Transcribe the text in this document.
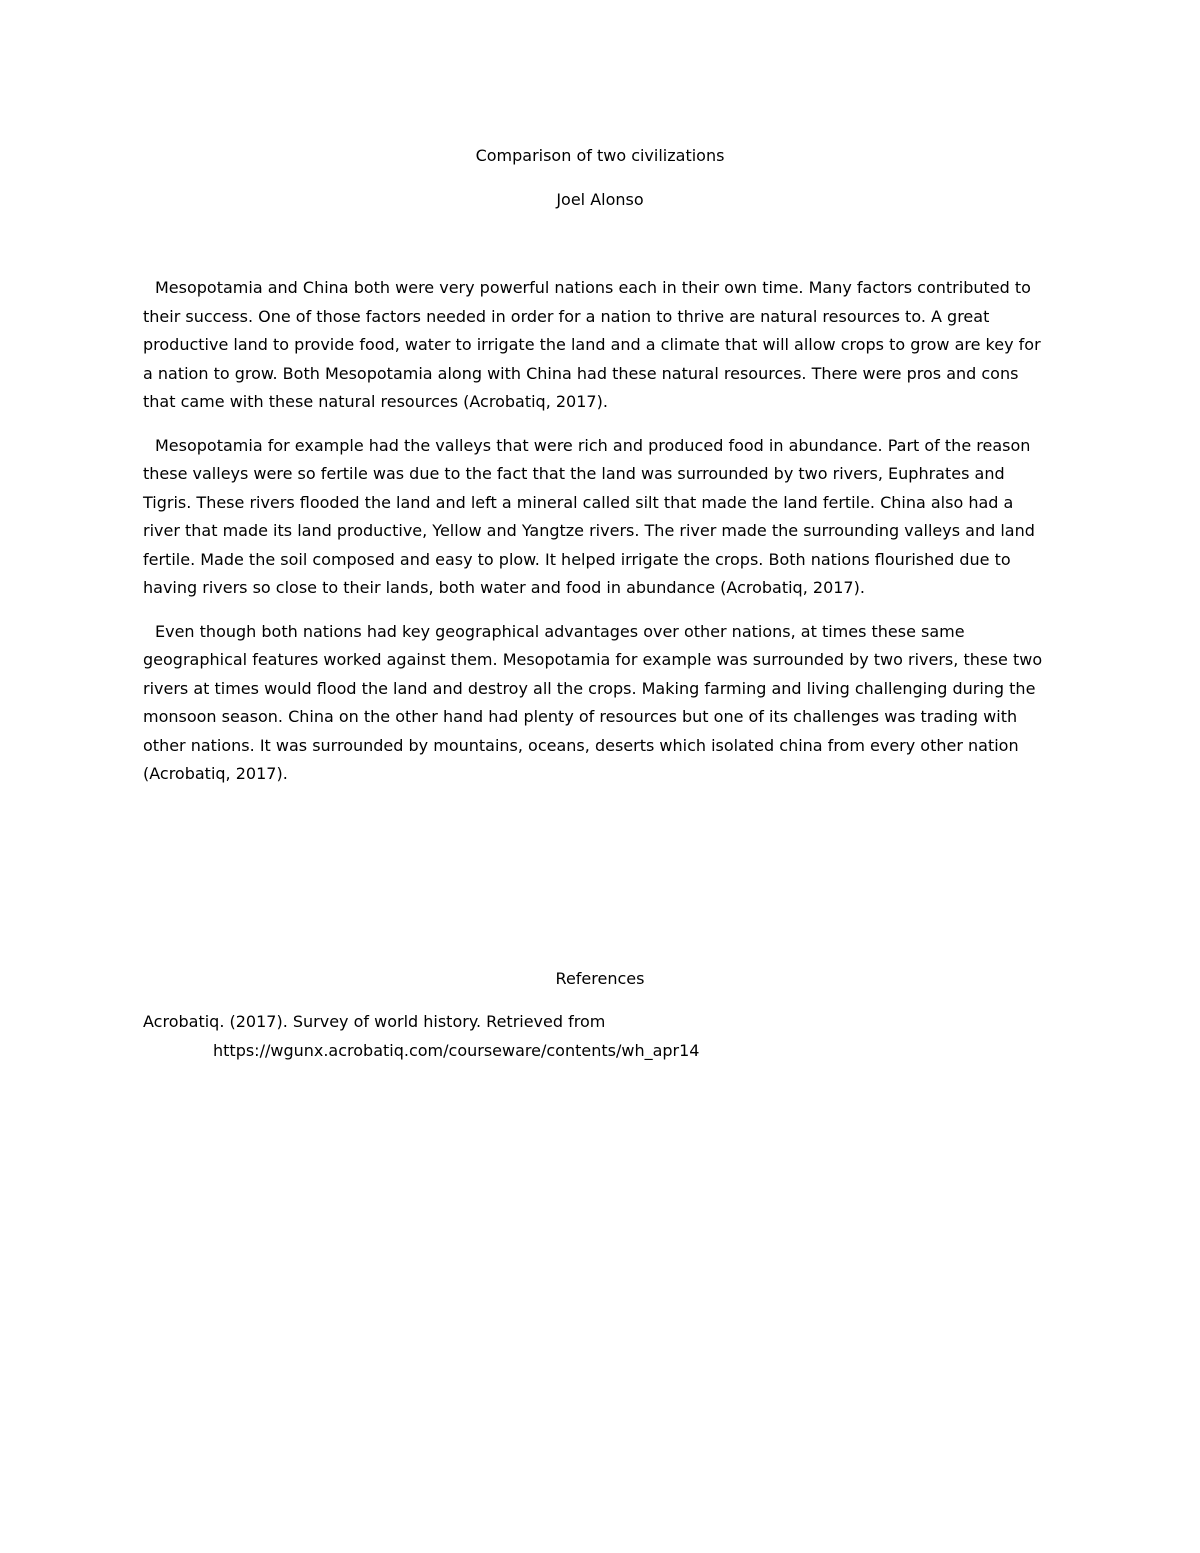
Comparison of two civilizations
Joel Alonso

Mesopotamia and China both were very powerful nations each in their own time. Many factors contributed to their success. One of those factors needed in order for a nation to thrive are natural resources to. A great productive land to provide food, water to irrigate the land and a climate that will allow crops to grow are key for a nation to grow. Both Mesopotamia along with China had these natural resources. There were pros and cons that came with these natural resources (Acrobatiq, 2017).

Mesopotamia for example had the valleys that were rich and produced food in abundance. Part of the reason these valleys were so fertile was due to the fact that the land was surrounded by two rivers, Euphrates and Tigris. These rivers flooded the land and left a mineral called silt that made the land fertile. China also had a river that made its land productive, Yellow and Yangtze rivers. The river made the surrounding valleys and land fertile. Made the soil composed and easy to plow. It helped irrigate the crops. Both nations flourished due to having rivers so close to their lands, both water and food in abundance (Acrobatiq, 2017).

Even though both nations had key geographical advantages over other nations, at times these same geographical features worked against them. Mesopotamia for example was surrounded by two rivers, these two rivers at times would flood the land and destroy all the crops. Making farming and living challenging during the monsoon season. China on the other hand had plenty of resources but one of its challenges was trading with other nations. It was surrounded by mountains, oceans, deserts which isolated china from every other nation (Acrobatiq, 2017).

References

Acrobatiq. (2017). Survey of world history. Retrieved from
https://wgunx.acrobatiq.com/courseware/contents/wh_apr14
